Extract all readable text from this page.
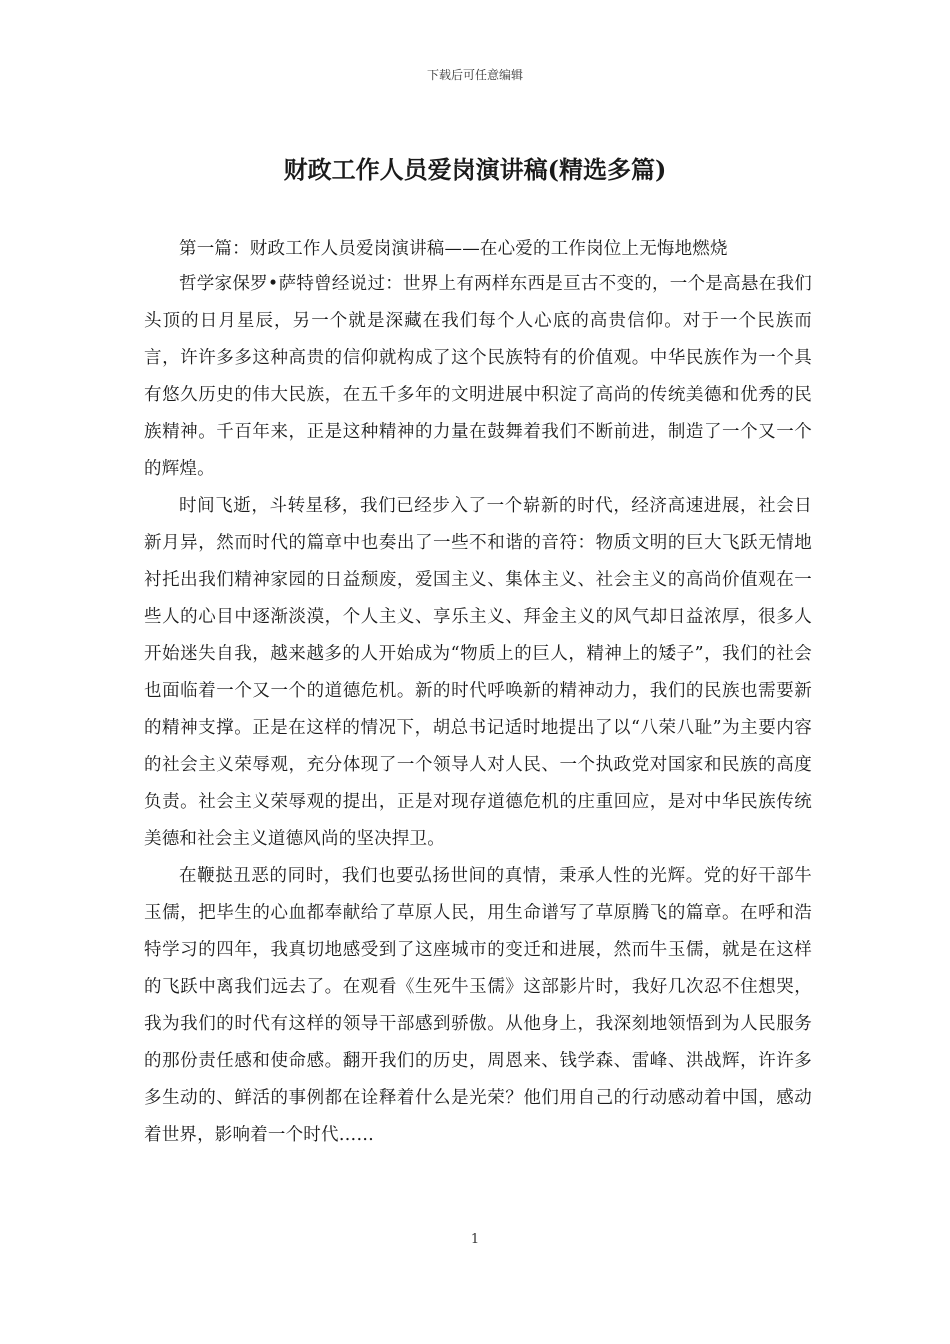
下载后可任意编辑
财政工作人员爱岗演讲稿(精选多篇)

第一篇：财政工作人员爱岗演讲稿——在心爱的工作岗位上无悔地燃烧

哲学家保罗•萨特曾经说过：世界上有两样东西是亘古不变的，一个是高悬在我们头顶的日月星辰，另一个就是深藏在我们每个人心底的高贵信仰。对于一个民族而言，许许多多这种高贵的信仰就构成了这个民族特有的价值观。中华民族作为一个具有悠久历史的伟大民族，在五千多年的文明进展中积淀了高尚的传统美德和优秀的民族精神。千百年来，正是这种精神的力量在鼓舞着我们不断前进，制造了一个又一个的辉煌。

时间飞逝，斗转星移，我们已经步入了一个崭新的时代，经济高速进展，社会日新月异，然而时代的篇章中也奏出了一些不和谐的音符：物质文明的巨大飞跃无情地衬托出我们精神家园的日益颓废，爱国主义、集体主义、社会主义的高尚价值观在一些人的心目中逐渐淡漠，个人主义、享乐主义、拜金主义的风气却日益浓厚，很多人开始迷失自我，越来越多的人开始成为“物质上的巨人，精神上的矮子”，我们的社会也面临着一个又一个的道德危机。新的时代呼唤新的精神动力，我们的民族也需要新的精神支撑。正是在这样的情况下，胡总书记适时地提出了以“八荣八耻”为主要内容的社会主义荣辱观，充分体现了一个领导人对人民、一个执政党对国家和民族的高度负责。社会主义荣辱观的提出，正是对现存道德危机的庄重回应，是对中华民族传统美德和社会主义道德风尚的坚决捍卫。

在鞭挞丑恶的同时，我们也要弘扬世间的真情，秉承人性的光辉。党的好干部牛玉儒，把毕生的心血都奉献给了草原人民，用生命谱写了草原腾飞的篇章。在呼和浩特学习的四年，我真切地感受到了这座城市的变迁和进展，然而牛玉儒，就是在这样的飞跃中离我们远去了。在观看《生死牛玉儒》这部影片时，我好几次忍不住想哭，我为我们的时代有这样的领导干部感到骄傲。从他身上，我深刻地领悟到为人民服务的那份责任感和使命感。翻开我们的历史，周恩来、钱学森、雷峰、洪战辉，许许多多生动的、鲜活的事例都在诠释着什么是光荣？他们用自己的行动感动着中国，感动着世界，影响着一个时代……

1
